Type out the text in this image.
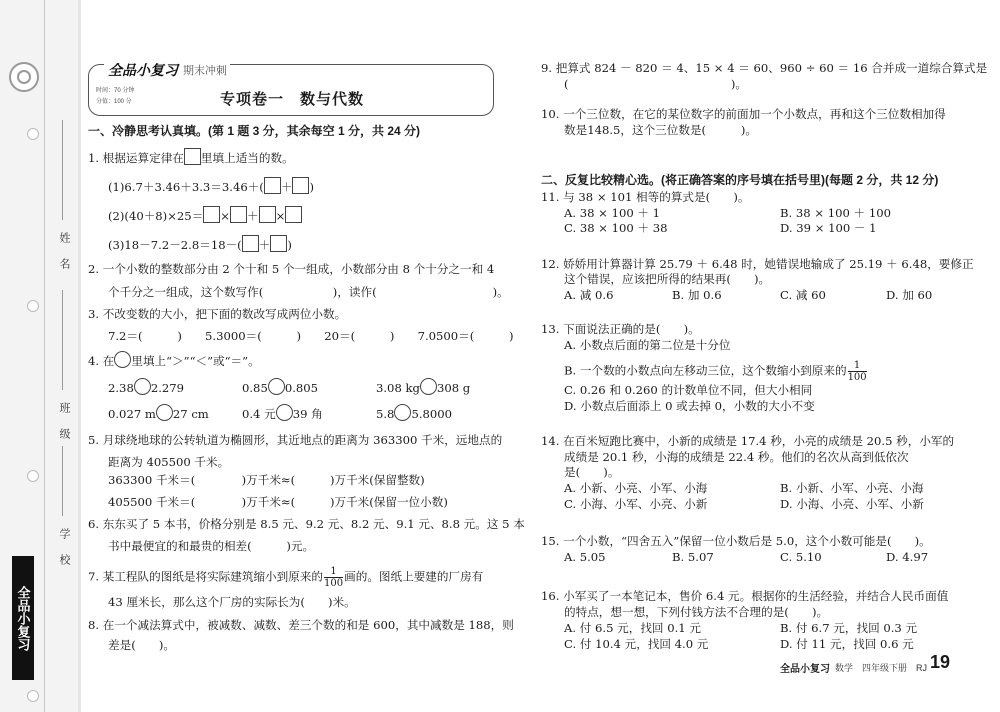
姓 名
班 级
学 校
全品小复习
全品小复习 期末冲刺
时间：70 分钟
分值：100 分	专项卷一　数与代数
一、冷静思考认真填。(第 1 题 3 分，其余每空 1 分，共 24 分)
1. 根据运算定律在 里填上适当的数。
(1)6.7＋3.46＋3.3＝3.46＋( ＋ )
(2)(40＋8)×25＝ × ＋ ×
(3)18－7.2－2.8＝18－( ＋ )
2. 一个小数的整数部分由 2 个十和 5 个一组成，小数部分由 8 个十分之一和 4
个千分之一组成，这个数写作(　　　　　　)，读作(　　　　　　　　　　)。
3. 不改变数的大小，把下面的数改写成两位小数。
7.2＝(　　　)　　5.3000＝(　　　)　　20＝(　　　)　　7.0500＝(　　　)
4. 在 里填上“＞”“＜”或“＝”。
2.38 2.279	0.85 0.805	3.08 kg 308 g
0.027 m 27 cm	0.4 元 39 角	5.8 5.8000
5. 月球绕地球的公转轨道为椭圆形，其近地点的距离为 363300 千米，远地点的
距离为 405500 千米。
363300 千米＝(　　　　)万千米≈(　　　)万千米(保留整数)
405500 千米＝(　　　　)万千米≈(　　　)万千米(保留一位小数)
6. 东东买了 5 本书，价格分别是 8.5 元、9.2 元、8.2 元、9.1 元、8.8 元。这 5 本
书中最便宜的和最贵的相差(　　　)元。
7. 某工程队的图纸是将实际建筑缩小到原来的 $\frac{1}{100}$ 画的。图纸上要建的厂房有
43 厘米长，那么这个厂房的实际长为(　　)米。
8. 在一个减法算式中，被减数、减数、差三个数的和是 600，其中减数是 188，则
差是(　　)。
9. 把算式 824 － 820 ＝ 4、15 × 4 ＝ 60、960 ÷ 60 ＝ 16 合并成一道综合算式是
(　　　　　　　　　　　　　　)。
10. 一个三位数，在它的某位数字的前面加一个小数点，再和这个三位数相加得
数是148.5，这个三位数是(　　　)。
二、反复比较精心选。(将正确答案的序号填在括号里)(每题 2 分，共 12 分)
11. 与 38 × 101 相等的算式是(　　)。
A. 38 × 100 ＋ 1	B. 38 × 100 ＋ 100
C. 38 × 100 ＋ 38	D. 39 × 100 － 1
12. 娇娇用计算器计算 25.79 ＋ 6.48 时，她错误地输成了 25.19 ＋ 6.48，要修正
这个错误，应该把所得的结果再(　　)。
A. 减 0.6	B. 加 0.6	C. 减 60	D. 加 60
13. 下面说法正确的是(　　)。
A. 小数点后面的第二位是十分位
B. 一个数的小数点向左移动三位，这个数缩小到原来的 $\frac{1}{100}$
C. 0.26 和 0.260 的计数单位不同，但大小相同
D. 小数点后面添上 0 或去掉 0，小数的大小不变
14. 在百米短跑比赛中，小新的成绩是 17.4 秒，小亮的成绩是 20.5 秒，小军的
成绩是 20.1 秒，小海的成绩是 22.4 秒。他们的名次从高到低依次
是(　　)。
A. 小新、小亮、小军、小海	B. 小新、小军、小亮、小海
C. 小海、小军、小亮、小新	D. 小海、小亮、小军、小新
15. 一个小数，“四舍五入”保留一位小数后是 5.0，这个小数可能是(　　)。
A. 5.05	B. 5.07	C. 5.10	D. 4.97
16. 小军买了一本笔记本，售价 6.4 元。根据你的生活经验，并结合人民币面值
的特点，想一想，下列付钱方法不合理的是(　　)。
A. 付 6.5 元，找回 0.1 元	B. 付 6.7 元，找回 0.3 元
C. 付 10.4 元，找回 4.0 元	D. 付 11 元，找回 0.6 元
全品小复习 数学　四年级下册　RJ 19
